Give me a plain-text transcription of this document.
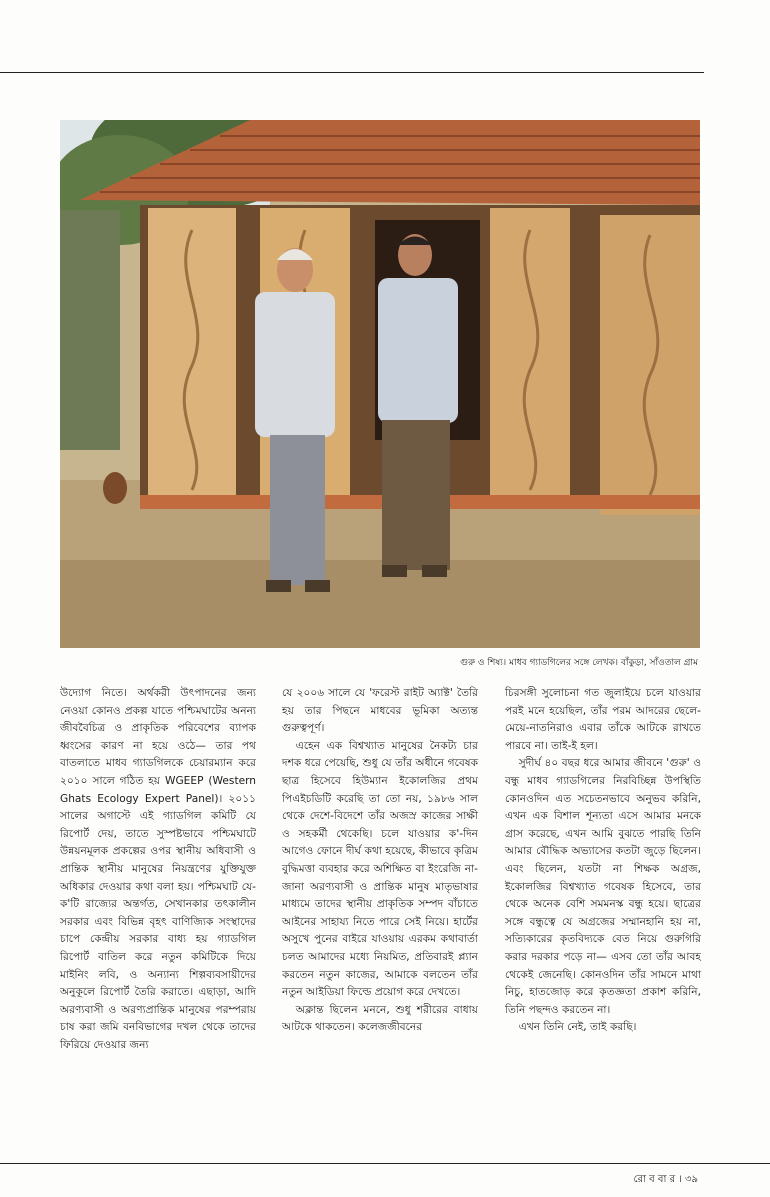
গুরু ও শিষ্য। মাধব গ্যাডগিলের সঙ্গে লেখক। বাঁকুড়া, সাঁওতাল গ্রাম

উদ্যোগ নিতে। অর্থকরী উৎপাদনের জন্য নেওয়া কোনও প্রকল্প যাতে পশ্চিমঘাটের অনন্য জীববৈচিত্র ও প্রাকৃতিক পরিবেশের ব্যাপক ধ্বংসের কারণ না হয়ে ওঠে— তার পথ বাতলাতে মাধব গ্যাডগিলকে চেয়ারম্যান করে ২০১০ সালে গঠিত হয় WGEEP (Western Ghats Ecology Expert Panel)। ২০১১ সালের অগাস্টে এই গ্যাডগিল কমিটি যে রিপোর্ট দেয়, তাতে সুস্পষ্টভাবে পশ্চিমঘাটে উন্নয়নমূলক প্রকল্পের ওপর স্থানীয় অধিবাসী ও প্রান্তিক স্থানীয় মানুষের নিয়ন্ত্রণের যুক্তিযুক্ত অধিকার দেওয়ার কথা বলা হয়। পশ্চিমঘাট যে-ক'টি রাজ্যের অন্তর্গত, সেখানকার তৎকালীন সরকার এবং বিভিন্ন বৃহৎ বাণিজ্যিক সংস্থাদের চাপে কেন্দ্রীয় সরকার বাধ্য হয় গ্যাডগিল রিপোর্ট বাতিল করে নতুন কমিটিকে দিয়ে মাইনিং লবি, ও অন্যান্য শিল্পব্যবসায়ীদের অনুকূলে রিপোর্ট তৈরি করাতে। এছাড়া, আদি অরণ্যবাসী ও অরণ্যপ্রান্তিক মানুষের পরম্পরায় চাষ করা জমি বনবিভাগের দখল থেকে তাদের ফিরিয়ে দেওয়ার জন্য

যে ২০০৬ সালে যে 'ফরেস্ট রাইট অ্যাক্ট' তৈরি হয় তার পিছনে মাধবের ভূমিকা অত্যন্ত গুরুত্বপূর্ণ।

এহেন এক বিশ্বখ্যাত মানুষের নৈকট্য চার দশক ধরে পেয়েছি, শুধু যে তাঁর অধীনে গবেষক ছাত্র হিসেবে হিউম্যান ইকোলজির প্রথম পিএইচডিটি করেছি তা তো নয়, ১৯৮৬ সাল থেকে দেশে-বিদেশে তাঁর অজস্র কাজের সাক্ষী ও সহকর্মী থেকেছি। চলে যাওয়ার ক'-দিন আগেও ফোনে দীর্ঘ কথা হয়েছে, কীভাবে কৃত্রিম বুদ্ধিমত্তা ব্যবহার করে অশিক্ষিত বা ইংরেজি না-জানা অরণ্যবাসী ও প্রান্তিক মানুষ মাতৃভাষার মাধ্যমে তাদের স্থানীয় প্রাকৃতিক সম্পদ বাঁচাতে আইনের সাহায্য নিতে পারে সেই নিয়ে। হার্টের অসুখে পুনের বাইরে যাওয়ায় এরকম কথাবার্তা চলত আমাদের মধ্যে নিয়মিত, প্রতিবারই প্ল্যান করতেন নতুন কাজের, আমাকে বলতেন তাঁর নতুন আইডিয়া ফিল্ডে প্রয়োগ করে দেখতে।

অক্লান্ত ছিলেন মননে, শুধু শরীরের বাধায় আটকে থাকতেন। কলেজজীবনের

চিরসঙ্গী সুলোচনা গত জুলাইয়ে চলে যাওয়ার পরই মনে হয়েছিল, তাঁর পরম আদরের ছেলে-মেয়ে-নাতনিরাও এবার তাঁকে আটকে রাখতে পারবে না। তাই-ই হল।

সুদীর্ঘ ৪০ বছর ধরে আমার জীবনে 'গুরু' ও বন্ধু মাধব গ্যাডগিলের নিরবিচ্ছিন্ন উপস্থিতি কোনওদিন এত সচেতনভাবে অনুভব করিনি, এখন এক বিশাল শূন্যতা এসে আমার মনকে গ্রাস করেছে, এখন আমি বুঝতে পারছি তিনি আমার বৌদ্ধিক অভ্যাসের কতটা জুড়ে ছিলেন। এবং ছিলেন, যতটা না শিক্ষক অগ্রজ, ইকোলজির বিশ্বখ্যাত গবেষক হিসেবে, তার থেকে অনেক বেশি সমমনস্ক বন্ধু হয়ে। ছাত্রের সঙ্গে বন্ধুত্বে যে অগ্রজের সম্মানহানি হয় না, সত্যিকারের কৃতবিদ্যকে বেত নিয়ে গুরুগিরি করার দরকার পড়ে না— এসব তো তাঁর আবহ থেকেই জেনেছি। কোনওদিন তাঁর সামনে মাথা নিচু, হাতজোড় করে কৃতজ্ঞতা প্রকাশ করিনি, তিনি পছন্দও করতেন না।

এখন তিনি নেই, তাই করছি।

রো ব বা র । ৩৯
